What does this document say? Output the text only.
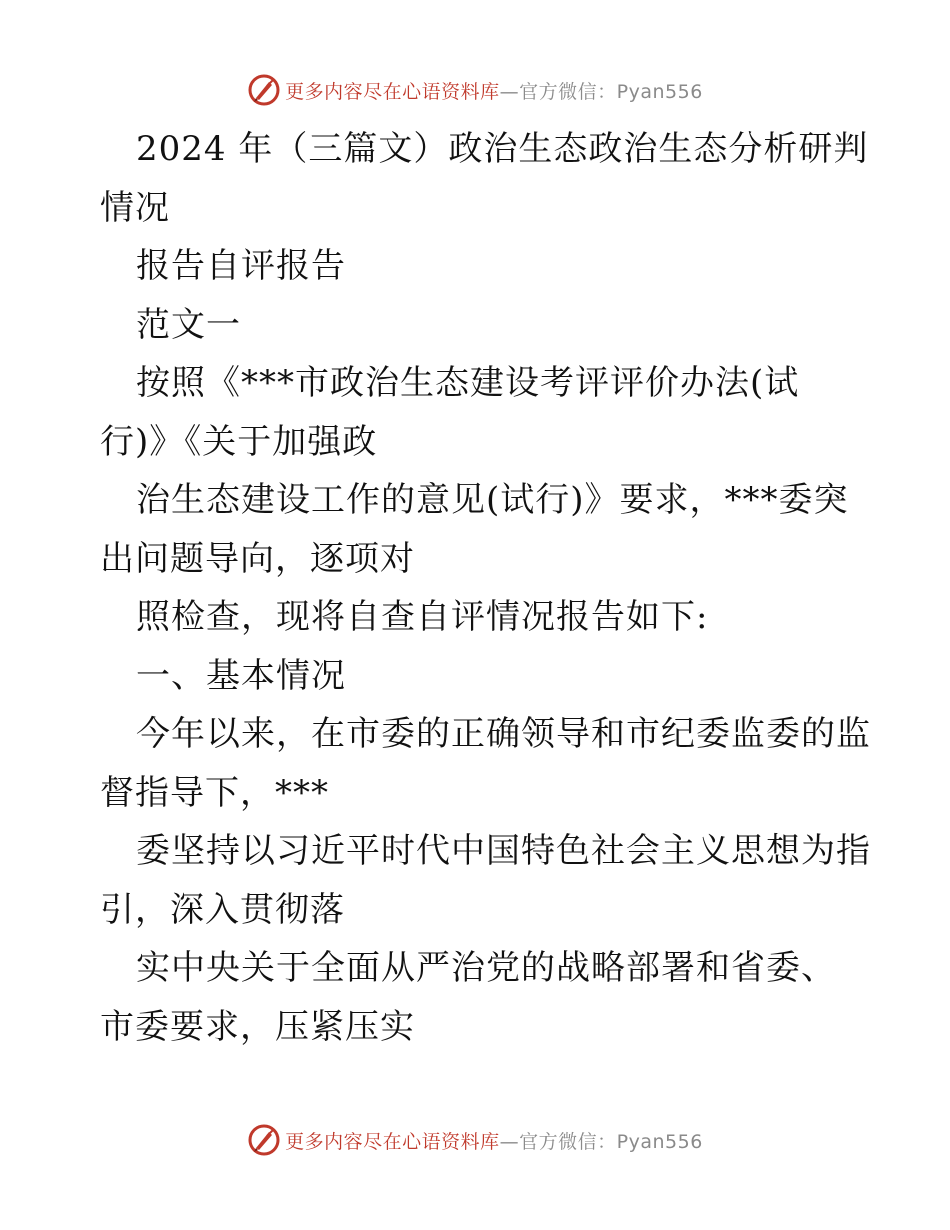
更多内容尽在心语资料库—官方微信：Pyan556
2024 年（三篇文）政治生态政治生态分析研判
情况
报告自评报告
范文一
按照《***市政治生态建设考评评价办法(试
行)》《关于加强政
治生态建设工作的意见(试行)》要求，***委突
出问题导向，逐项对
照检查，现将自查自评情况报告如下:
一、基本情况
今年以来，在市委的正确领导和市纪委监委的监
督指导下，***
委坚持以习近平时代中国特色社会主义思想为指
引，深入贯彻落
实中央关于全面从严治党的战略部署和省委、
市委要求，压紧压实
更多内容尽在心语资料库—官方微信：Pyan556
